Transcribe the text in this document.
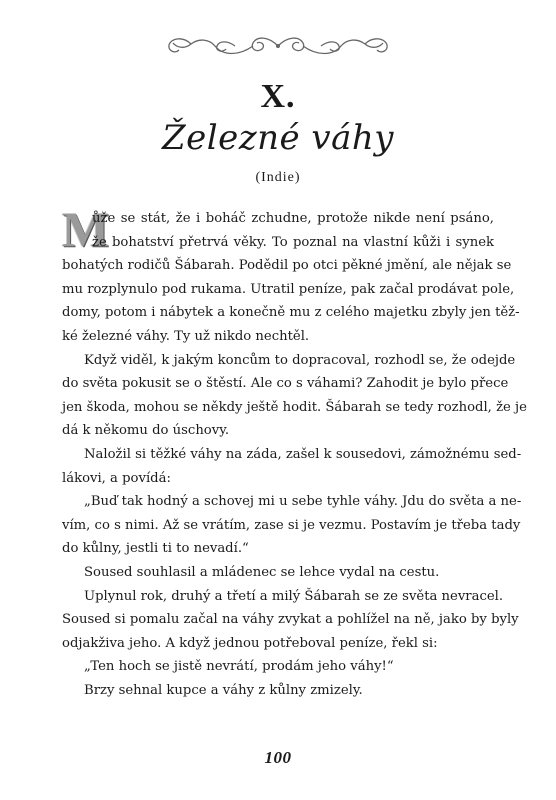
X.
Železné váhy
(Indie)
M
ůže se stát, že i boháč zchudne, protože nikde není psáno,
že bohatství přetrvá věky. To poznal na vlastní kůži i synek
bohatých rodičů Šábarah. Podědil po otci pěkné jmění, ale nějak se
mu rozplynulo pod rukama. Utratil peníze, pak začal prodávat pole,
domy, potom i nábytek a konečně mu z celého majetku zbyly jen těž-
ké železné váhy. Ty už nikdo nechtěl.
Když viděl, k jakým koncům to dopracoval, rozhodl se, že odejde
do světa pokusit se o štěstí. Ale co s váhami? Zahodit je bylo přece
jen škoda, mohou se někdy ještě hodit. Šábarah se tedy rozhodl, že je
dá k někomu do úschovy.
Naložil si těžké váhy na záda, zašel k sousedovi, zámožnému sed-
lákovi, a povídá:
„Buď tak hodný a schovej mi u sebe tyhle váhy. Jdu do světa a ne-
vím, co s nimi. Až se vrátím, zase si je vezmu. Postavím je třeba tady
do kůlny, jestli ti to nevadí.“
Soused souhlasil a mládenec se lehce vydal na cestu.
Uplynul rok, druhý a třetí a milý Šábarah se ze světa nevracel.
Soused si pomalu začal na váhy zvykat a pohlížel na ně, jako by byly
odjakživa jeho. A když jednou potřeboval peníze, řekl si:
„Ten hoch se jistě nevrátí, prodám jeho váhy!“
Brzy sehnal kupce a váhy z kůlny zmizely.
100
